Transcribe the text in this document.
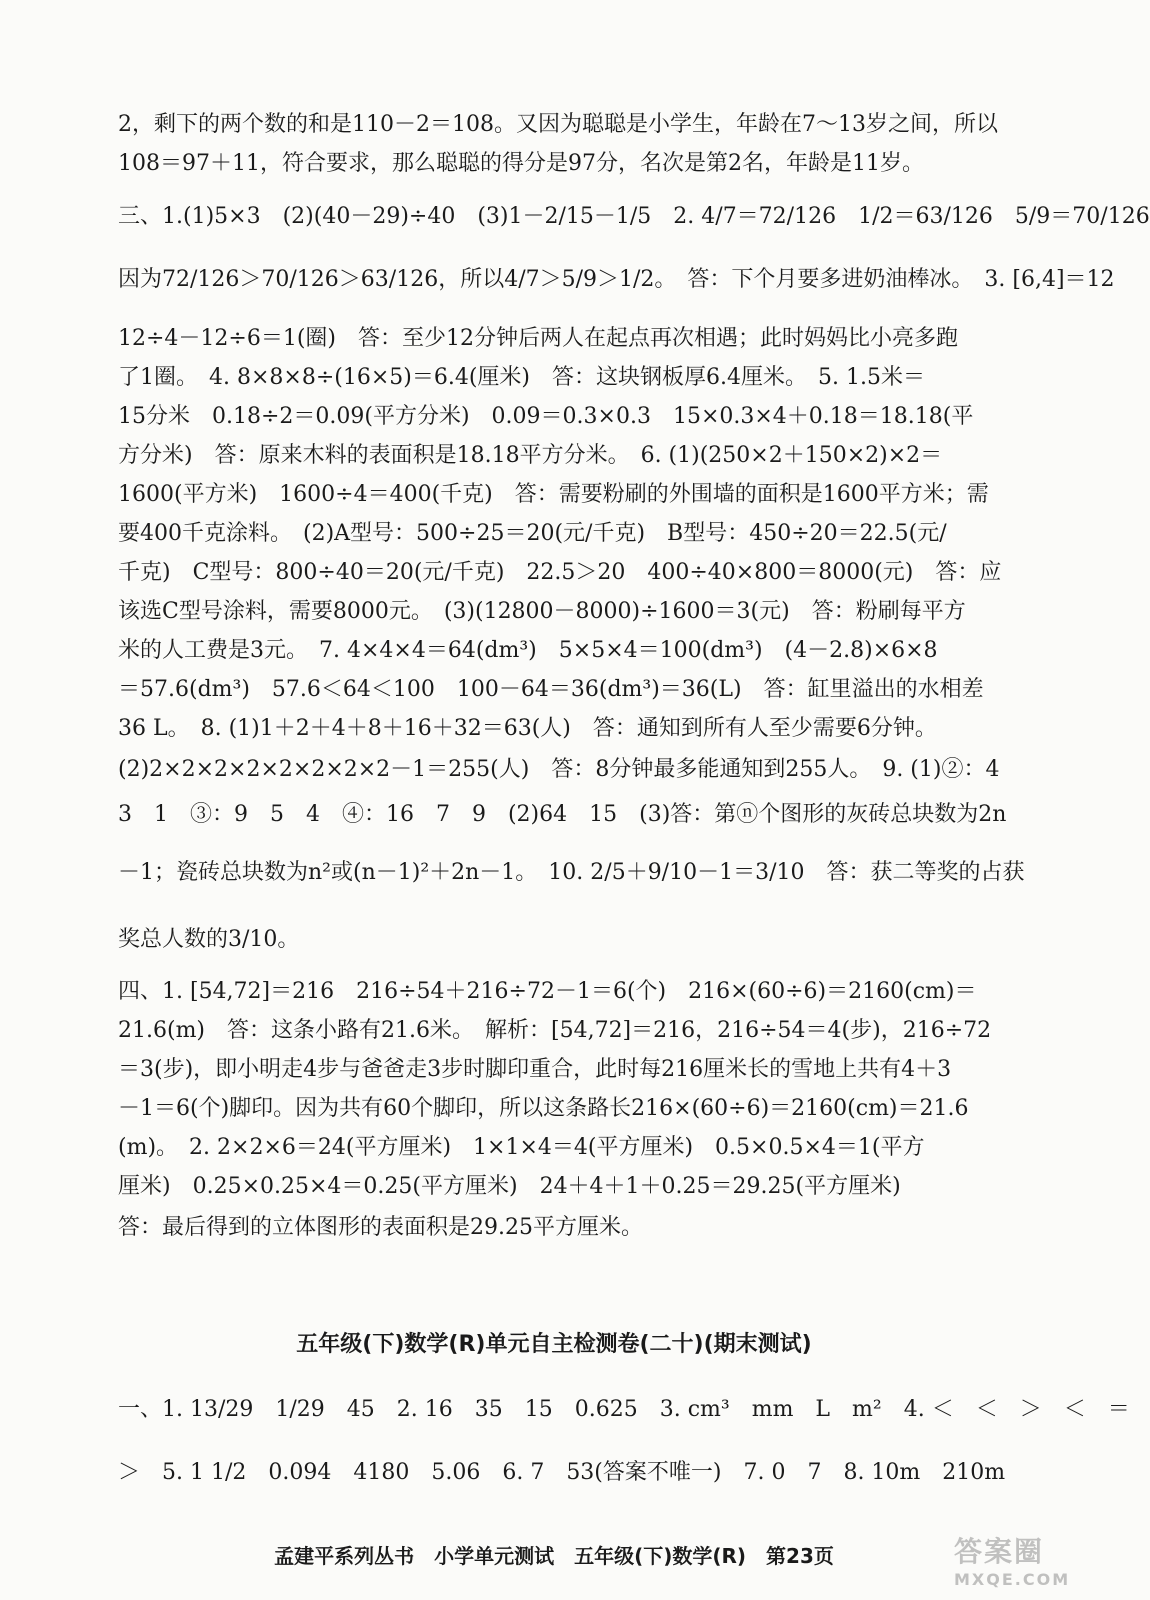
2，剩下的两个数的和是110－2＝108。又因为聪聪是小学生，年龄在7～13岁之间，所以
108＝97＋11，符合要求，那么聪聪的得分是97分，名次是第2名，年龄是11岁。
三、1.(1)5×3　(2)(40－29)÷40　(3)1－2/15－1/5　2. 4/7＝72/126　1/2＝63/126　5/9＝70/126
因为72/126＞70/126＞63/126，所以4/7＞5/9＞1/2。　答：下个月要多进奶油棒冰。　3. [6,4]＝12
12÷4－12÷6＝1(圈)　答：至少12分钟后两人在起点再次相遇；此时妈妈比小亮多跑
了1圈。　4. 8×8×8÷(16×5)＝6.4(厘米)　答：这块钢板厚6.4厘米。　5. 1.5米＝
15分米　0.18÷2＝0.09(平方分米)　0.09＝0.3×0.3　15×0.3×4＋0.18＝18.18(平
方分米)　答：原来木料的表面积是18.18平方分米。　6. (1)(250×2＋150×2)×2＝
1600(平方米)　1600÷4＝400(千克)　答：需要粉刷的外围墙的面积是1600平方米；需
要400千克涂料。　(2)A型号：500÷25＝20(元/千克)　B型号：450÷20＝22.5(元/
千克)　C型号：800÷40＝20(元/千克)　22.5＞20　400÷40×800＝8000(元)　答：应
该选C型号涂料，需要8000元。　(3)(12800－8000)÷1600＝3(元)　答：粉刷每平方
米的人工费是3元。　7. 4×4×4＝64(dm³)　5×5×4＝100(dm³)　(4－2.8)×6×8
＝57.6(dm³)　57.6＜64＜100　100－64＝36(dm³)＝36(L)　答：缸里溢出的水相差
36 L。　8. (1)1＋2＋4＋8＋16＋32＝63(人)　答：通知到所有人至少需要6分钟。
(2)2×2×2×2×2×2×2×2－1＝255(人)　答：8分钟最多能通知到255人。　9. (1)②：4
3　1　③：9　5　4　④：16　7　9　(2)64　15　(3)答：第ⓝ个图形的灰砖总块数为2n
－1；瓷砖总块数为n²或(n－1)²＋2n－1。　10. 2/5＋9/10－1＝3/10　答：获二等奖的占获
奖总人数的3/10。
四、1. [54,72]＝216　216÷54＋216÷72－1＝6(个)　216×(60÷6)＝2160(cm)＝
21.6(m)　答：这条小路有21.6米。　解析：[54,72]＝216，216÷54＝4(步)，216÷72
＝3(步)，即小明走4步与爸爸走3步时脚印重合，此时每216厘米长的雪地上共有4＋3
－1＝6(个)脚印。因为共有60个脚印，所以这条路长216×(60÷6)＝2160(cm)＝21.6
(m)。　2. 2×2×6＝24(平方厘米)　1×1×4＝4(平方厘米)　0.5×0.5×4＝1(平方
厘米)　0.25×0.25×4＝0.25(平方厘米)　24＋4＋1＋0.25＝29.25(平方厘米)
答：最后得到的立体图形的表面积是29.25平方厘米。
五年级(下)数学(R)单元自主检测卷(二十)(期末测试)
一、1. 13/29　1/29　45　2. 16　35　15　0.625　3. cm³　mm　L　m²　4. ＜　＜　＞　＜　＝
＞　5. 1 1/2　0.094　4180　5.06　6. 7　53(答案不唯一)　7. 0　7　8. 10m　210m
孟建平系列丛书　小学单元测试　五年级(下)数学(R)　第23页	答案圈
MXQE.COM
